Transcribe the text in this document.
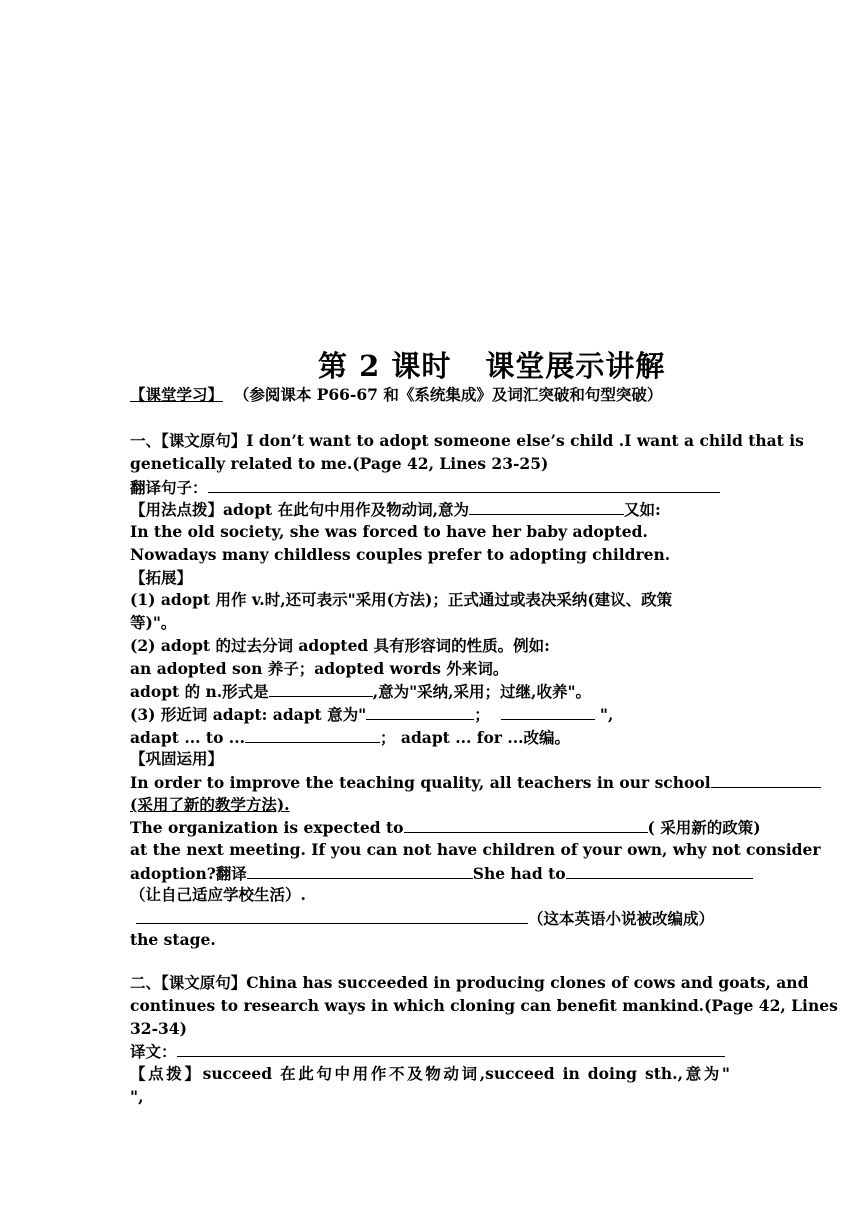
第 2 课时 课堂展示讲解
【课堂学习】 （参阅课本 P66-67 和《系统集成》及词汇突破和句型突破）
一、【课文原句】I don’t want to adopt someone else’s child .I want a child that is
genetically related to me.(Page 42, Lines 23-25)
翻译句子：
【用法点拨】adopt 在此句中用作及物动词,意为	又如:
In the old society, she was forced to have her baby adopted.
Nowadays many childless couples prefer to adopting children.
【拓展】
(1) adopt 用作 v.时,还可表示"采用(方法)；正式通过或表决采纳(建议、政策
等)"。
(2) adopt 的过去分词 adopted 具有形容词的性质。例如:
an adopted son 养子；adopted words 外来词。
adopt 的 n.形式是	,意为"采纳,采用；过继,收养"。
(3) 形近词 adapt: adapt 意为"	；	",
adapt ... to ...	； adapt ... for ...改编。
【巩固运用】
In order to improve the teaching quality, all teachers in our school
(采用了新的教学方法).
The organization is expected to	( 采用新的政策)
at the next meeting. If you can not have children of your own, why not consider
adoption?翻译	She had to
（让自己适应学校生活）.
（这本英语小说被改编成）
the stage.
二、【课文原句】China has succeeded in producing clones of cows and goats, and
continues to research ways in which cloning can benefit mankind.(Page 42, Lines
32-34)
译文：
【点拨】succeed 在此句中用作不及物动词,succeed in doing sth.,意为"
",
